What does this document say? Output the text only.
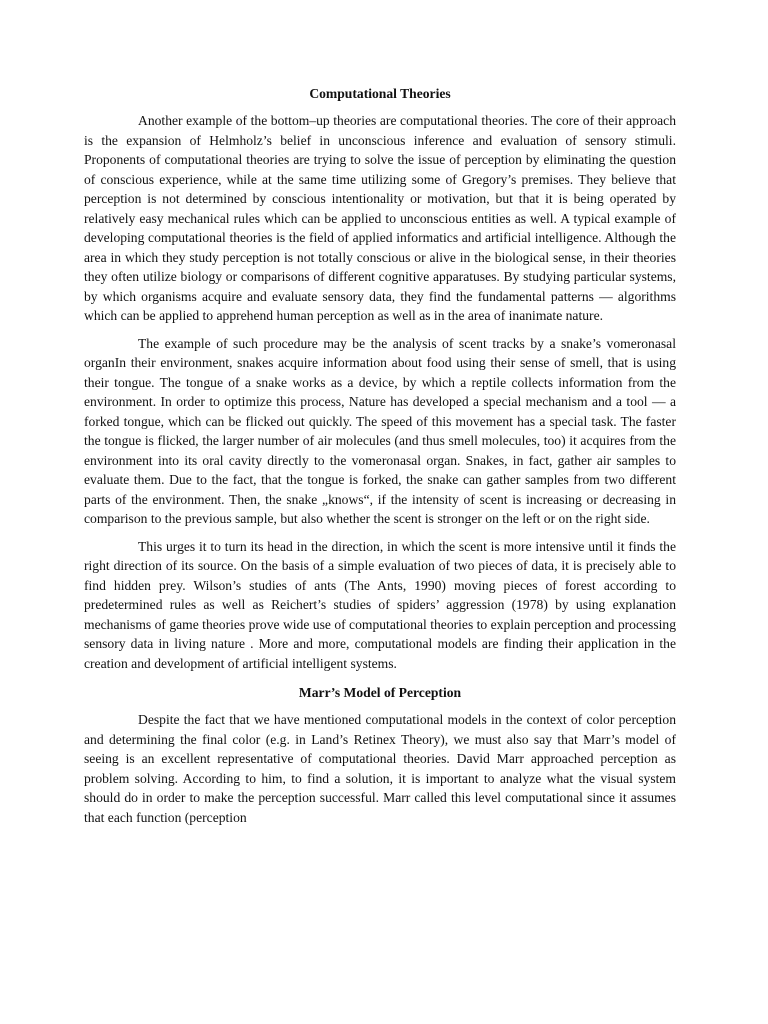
Computational Theories

Another example of the bottom–up theories are computational theories. The core of their approach is the expansion of Helmholz’s belief in unconscious inference and evaluation of sensory stimuli. Proponents of computational theories are trying to solve the issue of perception by eliminating the question of conscious experience, while at the same time utilizing some of Gregory’s premises. They believe that perception is not determined by conscious intentionality or motivation, but that it is being operated by relatively easy mechanical rules which can be applied to unconscious entities as well. A typical example of developing computational theories is the field of applied informatics and artificial intelligence. Although the area in which they study perception is not totally conscious or alive in the biological sense, in their theories they often utilize biology or comparisons of different cognitive apparatuses. By studying particular systems, by which organisms acquire and evaluate sensory data, they find the fundamental patterns — algorithms which can be applied to apprehend human perception as well as in the area of inanimate nature.

The example of such procedure may be the analysis of scent tracks by a snake’s vomeronasal organIn their environment, snakes acquire information about food using their sense of smell, that is using their tongue. The tongue of a snake works as a device, by which a reptile collects information from the environment. In order to optimize this process, Nature has developed a special mechanism and a tool — a forked tongue, which can be flicked out quickly. The speed of this movement has a special task. The faster the tongue is flicked, the larger number of air molecules (and thus smell molecules, too) it acquires from the environment into its oral cavity directly to the vomeronasal organ. Snakes, in fact, gather air samples to evaluate them. Due to the fact, that the tongue is forked, the snake can gather samples from two different parts of the environment. Then, the snake „knows“, if the intensity of scent is increasing or decreasing in comparison to the previous sample, but also whether the scent is stronger on the left or on the right side.

This urges it to turn its head in the direction, in which the scent is more intensive until it finds the right direction of its source. On the basis of a simple evaluation of two pieces of data, it is precisely able to find hidden prey. Wilson’s studies of ants (The Ants, 1990) moving pieces of forest according to predetermined rules as well as Reichert’s studies of spiders’ aggression (1978) by using explanation mechanisms of game theories prove wide use of computational theories to explain perception and processing sensory data in living nature . More and more, computational models are finding their application in the creation and development of artificial intelligent systems.

Marr’s Model of Perception

Despite the fact that we have mentioned computational models in the context of color perception and determining the final color (e.g. in Land’s Retinex Theory), we must also say that Marr’s model of seeing is an excellent representative of computational theories. David Marr approached perception as problem solving. According to him, to find a solution, it is important to analyze what the visual system should do in order to make the perception successful. Marr called this level computational since it assumes that each function (perception
